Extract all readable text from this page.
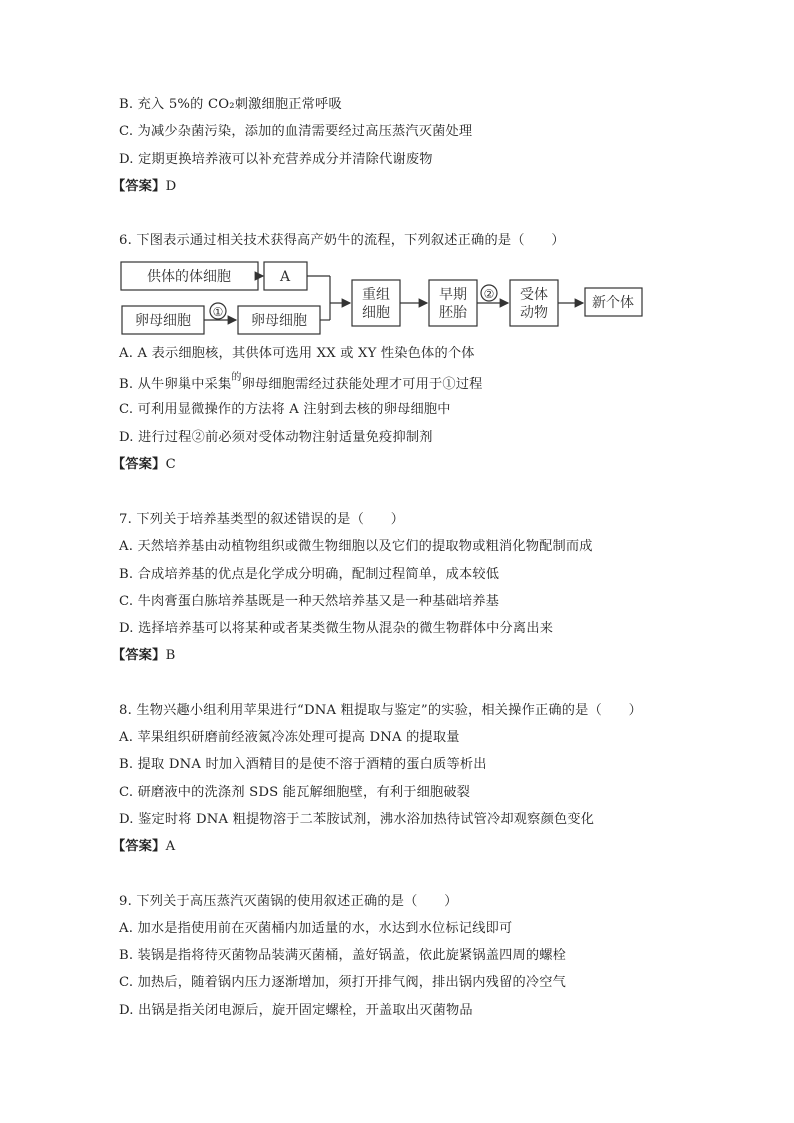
B. 充入 5%的 CO₂刺激细胞正常呼吸
C. 为减少杂菌污染，添加的血清需要经过高压蒸汽灭菌处理
D. 定期更换培养液可以补充营养成分并清除代谢废物
【答案】D
6. 下图表示通过相关技术获得高产奶牛的流程，下列叙述正确的是（　　）
供体的体细胞	A
卵母细胞
①
卵母细胞
重组
细胞
早期
胚胎
② 受体
动物
新个体
A. A 表示细胞核，其供体可选用 XX 或 XY 性染色体的个体
B. 从牛卵巢中采集$^的$卵母细胞需经过获能处理才可用于①过程
C. 可利用显微操作的方法将 A 注射到去核的卵母细胞中
D. 进行过程②前必须对受体动物注射适量免疫抑制剂
【答案】C
7. 下列关于培养基类型的叙述错误的是（　　）
A. 天然培养基由动植物组织或微生物细胞以及它们的提取物或粗消化物配制而成
B. 合成培养基的优点是化学成分明确，配制过程简单，成本较低
C. 牛肉膏蛋白胨培养基既是一种天然培养基又是一种基础培养基
D. 选择培养基可以将某种或者某类微生物从混杂的微生物群体中分离出来
【答案】B
8. 生物兴趣小组利用苹果进行“DNA 粗提取与鉴定”的实验，相关操作正确的是（　　）
A. 苹果组织研磨前经液氮冷冻处理可提高 DNA 的提取量
B. 提取 DNA 时加入酒精目的是使不溶于酒精的蛋白质等析出
C. 研磨液中的洗涤剂 SDS 能瓦解细胞壁，有利于细胞破裂
D. 鉴定时将 DNA 粗提物溶于二苯胺试剂，沸水浴加热待试管冷却观察颜色变化
【答案】A
9. 下列关于高压蒸汽灭菌锅的使用叙述正确的是（　　）
A. 加水是指使用前在灭菌桶内加适量的水，水达到水位标记线即可
B. 装锅是指将待灭菌物品装满灭菌桶，盖好锅盖，依此旋紧锅盖四周的螺栓
C. 加热后，随着锅内压力逐渐增加，须打开排气阀，排出锅内残留的冷空气
D. 出锅是指关闭电源后，旋开固定螺栓，开盖取出灭菌物品
